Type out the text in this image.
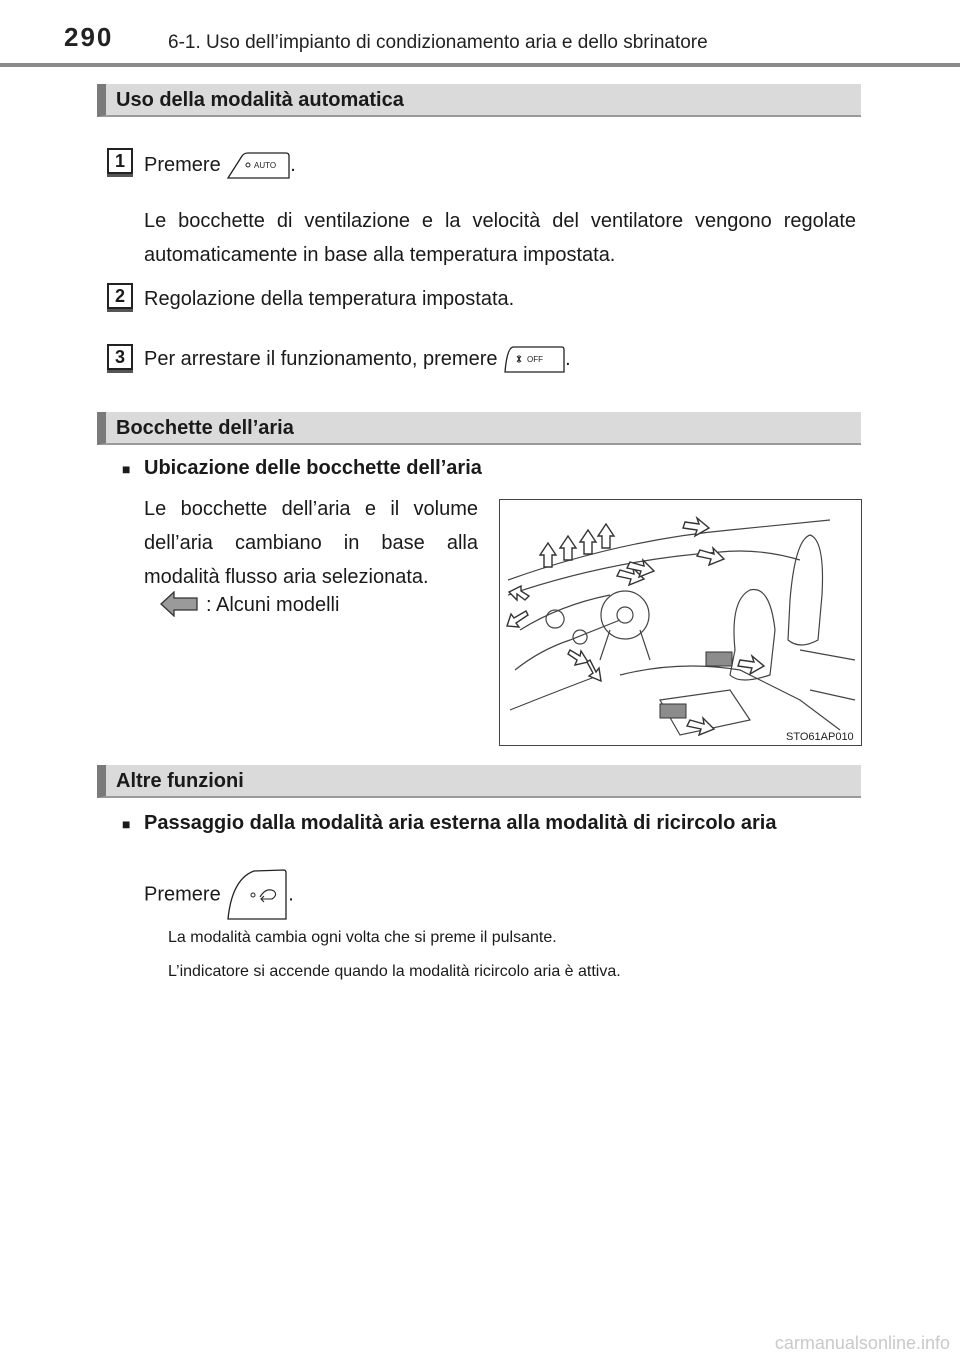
290	6-1. Uso dell’impianto di condizionamento aria e dello sbrinatore
Uso della modalità automatica
1 Premere	AUTO .
Le bocchette di ventilazione e la velocità del ventilatore vengono regolate automaticamente in base alla temperatura impostata.
2 Regolazione della temperatura impostata.
3 Per arrestare il funzionamento, premere	OFF .
Bocchette dell’aria
■ Ubicazione delle bocchette dell’aria
Le bocchette dell’aria e il volume dell’aria cambiano in base alla modalità flusso aria selezionata.
: Alcuni modelli
STO61AP010
Altre funzioni
■ Passaggio dalla modalità aria esterna alla modalità di ricircolo aria
Premere	.
La modalità cambia ogni volta che si preme il pulsante.
L’indicatore si accende quando la modalità ricircolo aria è attiva.
carmanualsonline.info
